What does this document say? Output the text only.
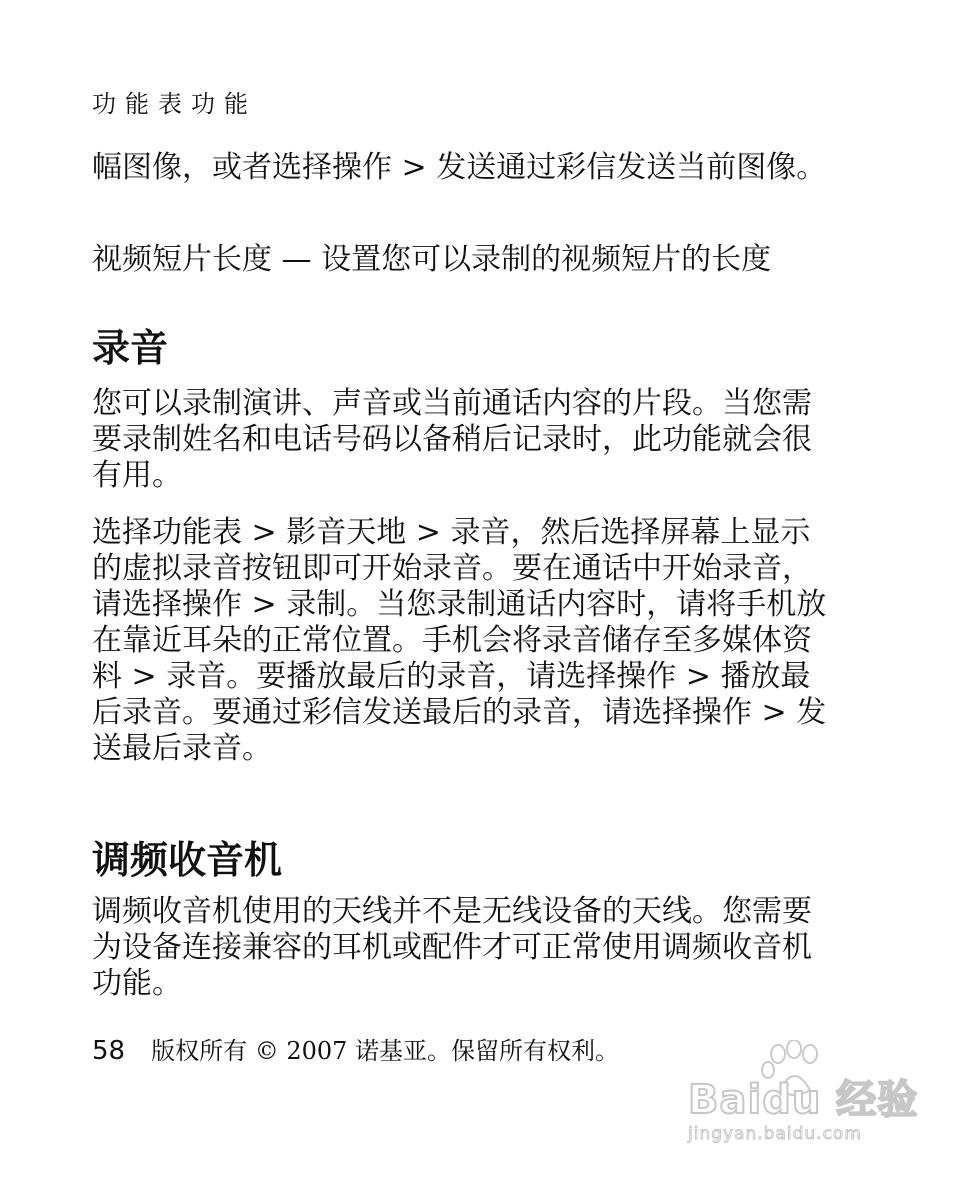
功能表功能

幅图像，或者选择操作 > 发送通过彩信发送当前图像。

视频短片长度 — 设置您可以录制的视频短片的长度

录音

您可以录制演讲、声音或当前通话内容的片段。当您需要录制姓名和电话号码以备稍后记录时，此功能就会很有用。

选择功能表 > 影音天地 > 录音，然后选择屏幕上显示的虚拟录音按钮即可开始录音。要在通话中开始录音，请选择操作 > 录制。当您录制通话内容时，请将手机放在靠近耳朵的正常位置。手机会将录音储存至多媒体资料 > 录音。要播放最后的录音，请选择操作 > 播放最后录音。要通过彩信发送最后的录音，请选择操作 > 发送最后录音。

调频收音机

调频收音机使用的天线并不是无线设备的天线。您需要为设备连接兼容的耳机或配件才可正常使用调频收音机功能。

58 版权所有 © 2007 诺基亚。保留所有权利。
Baidu 经验
jingyan.baidu.com
